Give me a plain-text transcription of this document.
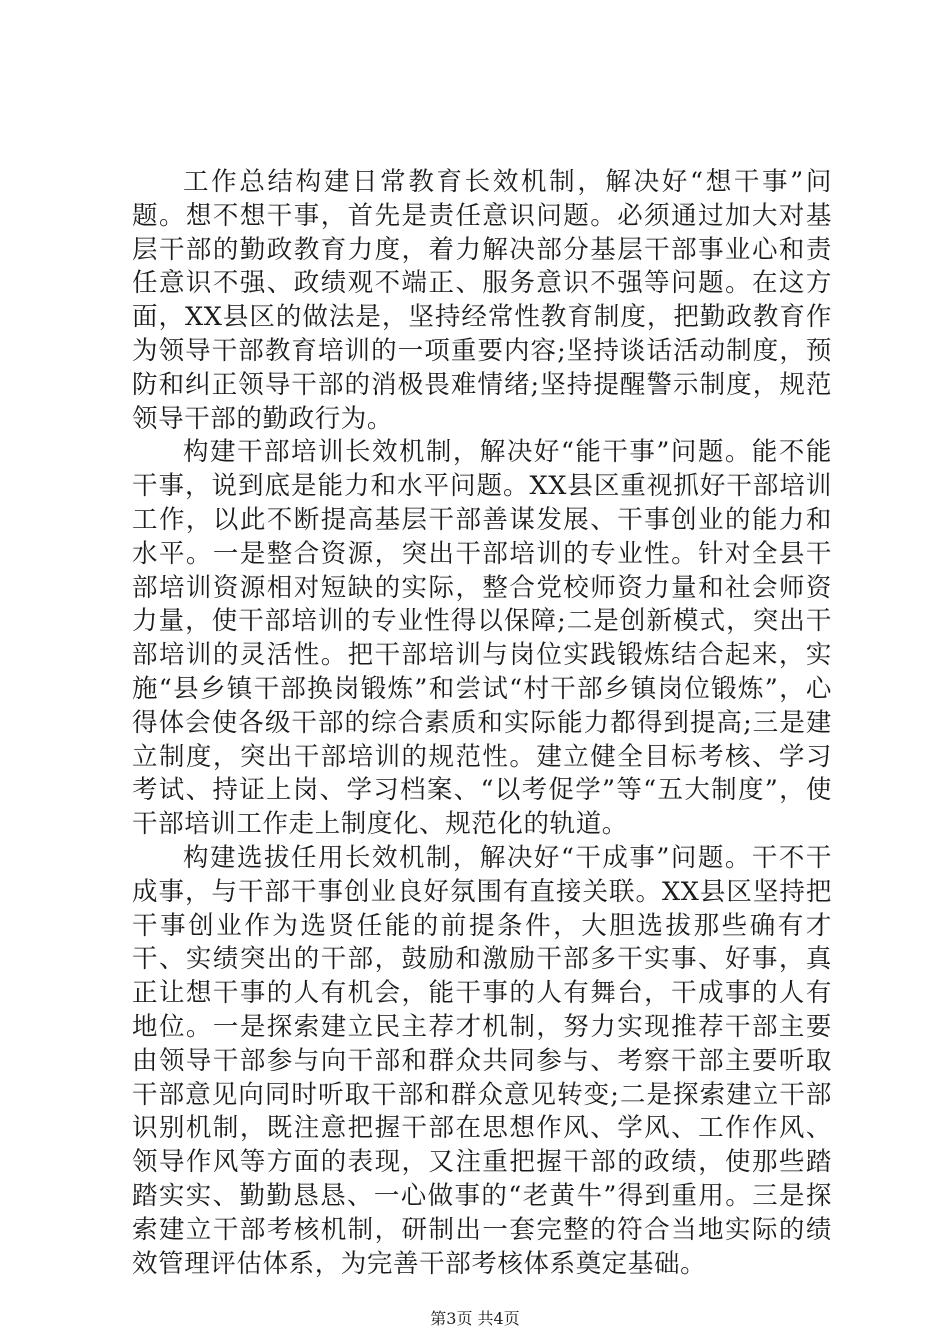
工作总结构建日常教育长效机制，解决好“想干事”问题。想不想干事，首先是责任意识问题。必须通过加大对基层干部的勤政教育力度，着力解决部分基层干部事业心和责任意识不强、政绩观不端正、服务意识不强等问题。在这方面，XX县区的做法是，坚持经常性教育制度，把勤政教育作为领导干部教育培训的一项重要内容;坚持谈话活动制度，预防和纠正领导干部的消极畏难情绪;坚持提醒警示制度，规范领导干部的勤政行为。

构建干部培训长效机制，解决好“能干事”问题。能不能干事，说到底是能力和水平问题。XX县区重视抓好干部培训工作，以此不断提高基层干部善谋发展、干事创业的能力和水平。一是整合资源，突出干部培训的专业性。针对全县干部培训资源相对短缺的实际，整合党校师资力量和社会师资力量，使干部培训的专业性得以保障;二是创新模式，突出干部培训的灵活性。把干部培训与岗位实践锻炼结合起来，实施“县乡镇干部换岗锻炼”和尝试“村干部乡镇岗位锻炼”，心得体会使各级干部的综合素质和实际能力都得到提高;三是建立制度，突出干部培训的规范性。建立健全目标考核、学习考试、持证上岗、学习档案、“以考促学”等“五大制度”，使干部培训工作走上制度化、规范化的轨道。

构建选拔任用长效机制，解决好“干成事”问题。干不干成事，与干部干事创业良好氛围有直接关联。XX县区坚持把干事创业作为选贤任能的前提条件，大胆选拔那些确有才干、实绩突出的干部，鼓励和激励干部多干实事、好事，真正让想干事的人有机会，能干事的人有舞台，干成事的人有地位。一是探索建立民主荐才机制，努力实现推荐干部主要由领导干部参与向干部和群众共同参与、考察干部主要听取干部意见向同时听取干部和群众意见转变;二是探索建立干部识别机制，既注意把握干部在思想作风、学风、工作作风、领导作风等方面的表现，又注重把握干部的政绩，使那些踏踏实实、勤勤恳恳、一心做事的“老黄牛”得到重用。三是探索建立干部考核机制，研制出一套完整的符合当地实际的绩效管理评估体系，为完善干部考核体系奠定基础。

第3页 共4页
